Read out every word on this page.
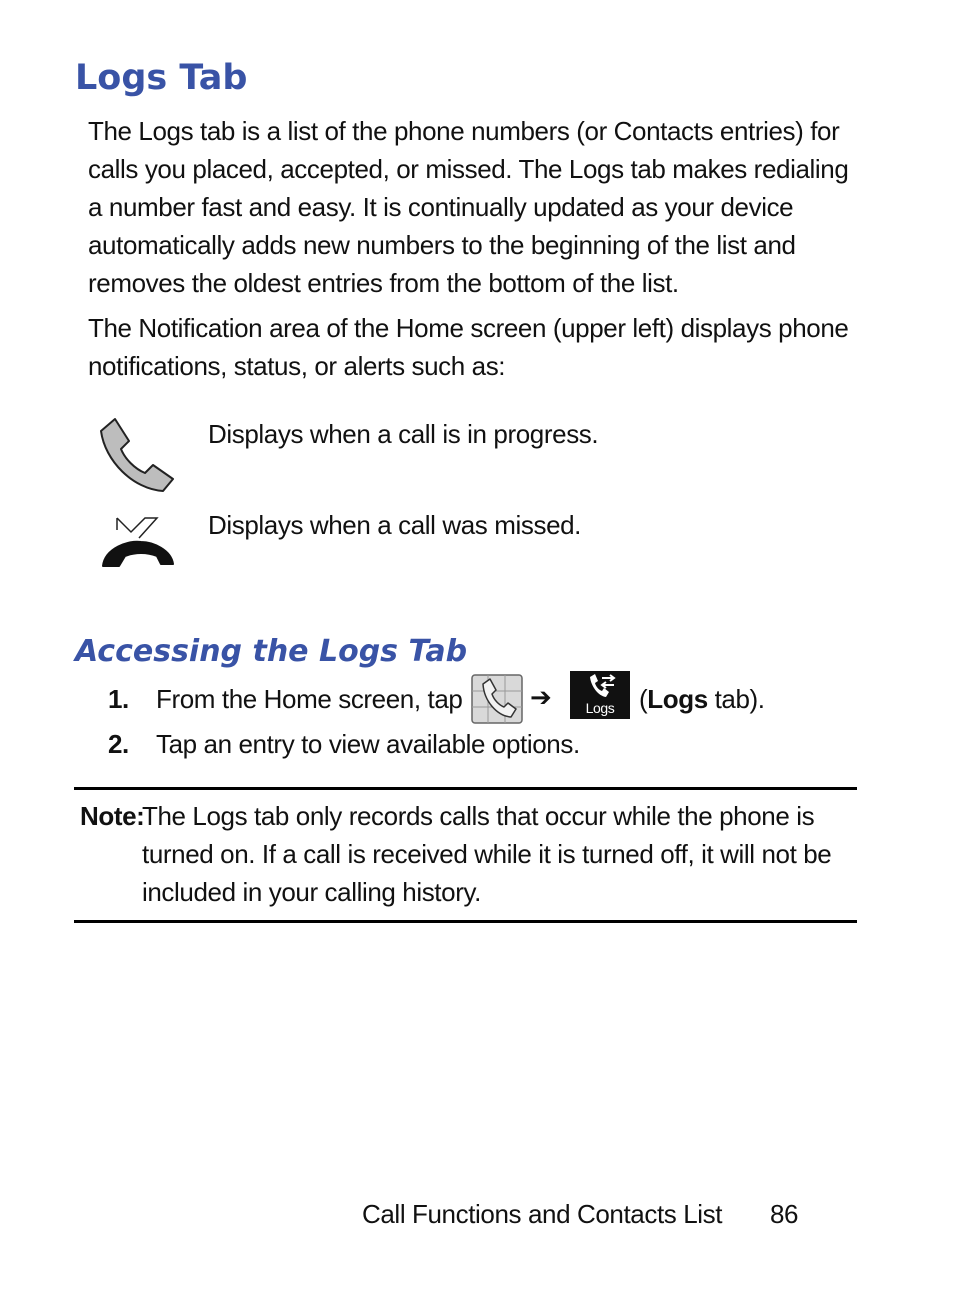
Logs Tab

The Logs tab is a list of the phone numbers (or Contacts entries) for calls you placed, accepted, or missed. The Logs tab makes redialing a number fast and easy. It is continually updated as your device automatically adds new numbers to the beginning of the list and removes the oldest entries from the bottom of the list.

The Notification area of the Home screen (upper left) displays phone notifications, status, or alerts such as:

Displays when a call is in progress.

Displays when a call was missed.

Accessing the Logs Tab
1. From the Home screen, tap	➔ Logs (Logs tab).
2. Tap an entry to view available options.
Note:

The Logs tab only records calls that occur while the phone is turned on. If a call is received while it is turned off, it will not be included in your calling history.

Call Functions and Contacts List 86
